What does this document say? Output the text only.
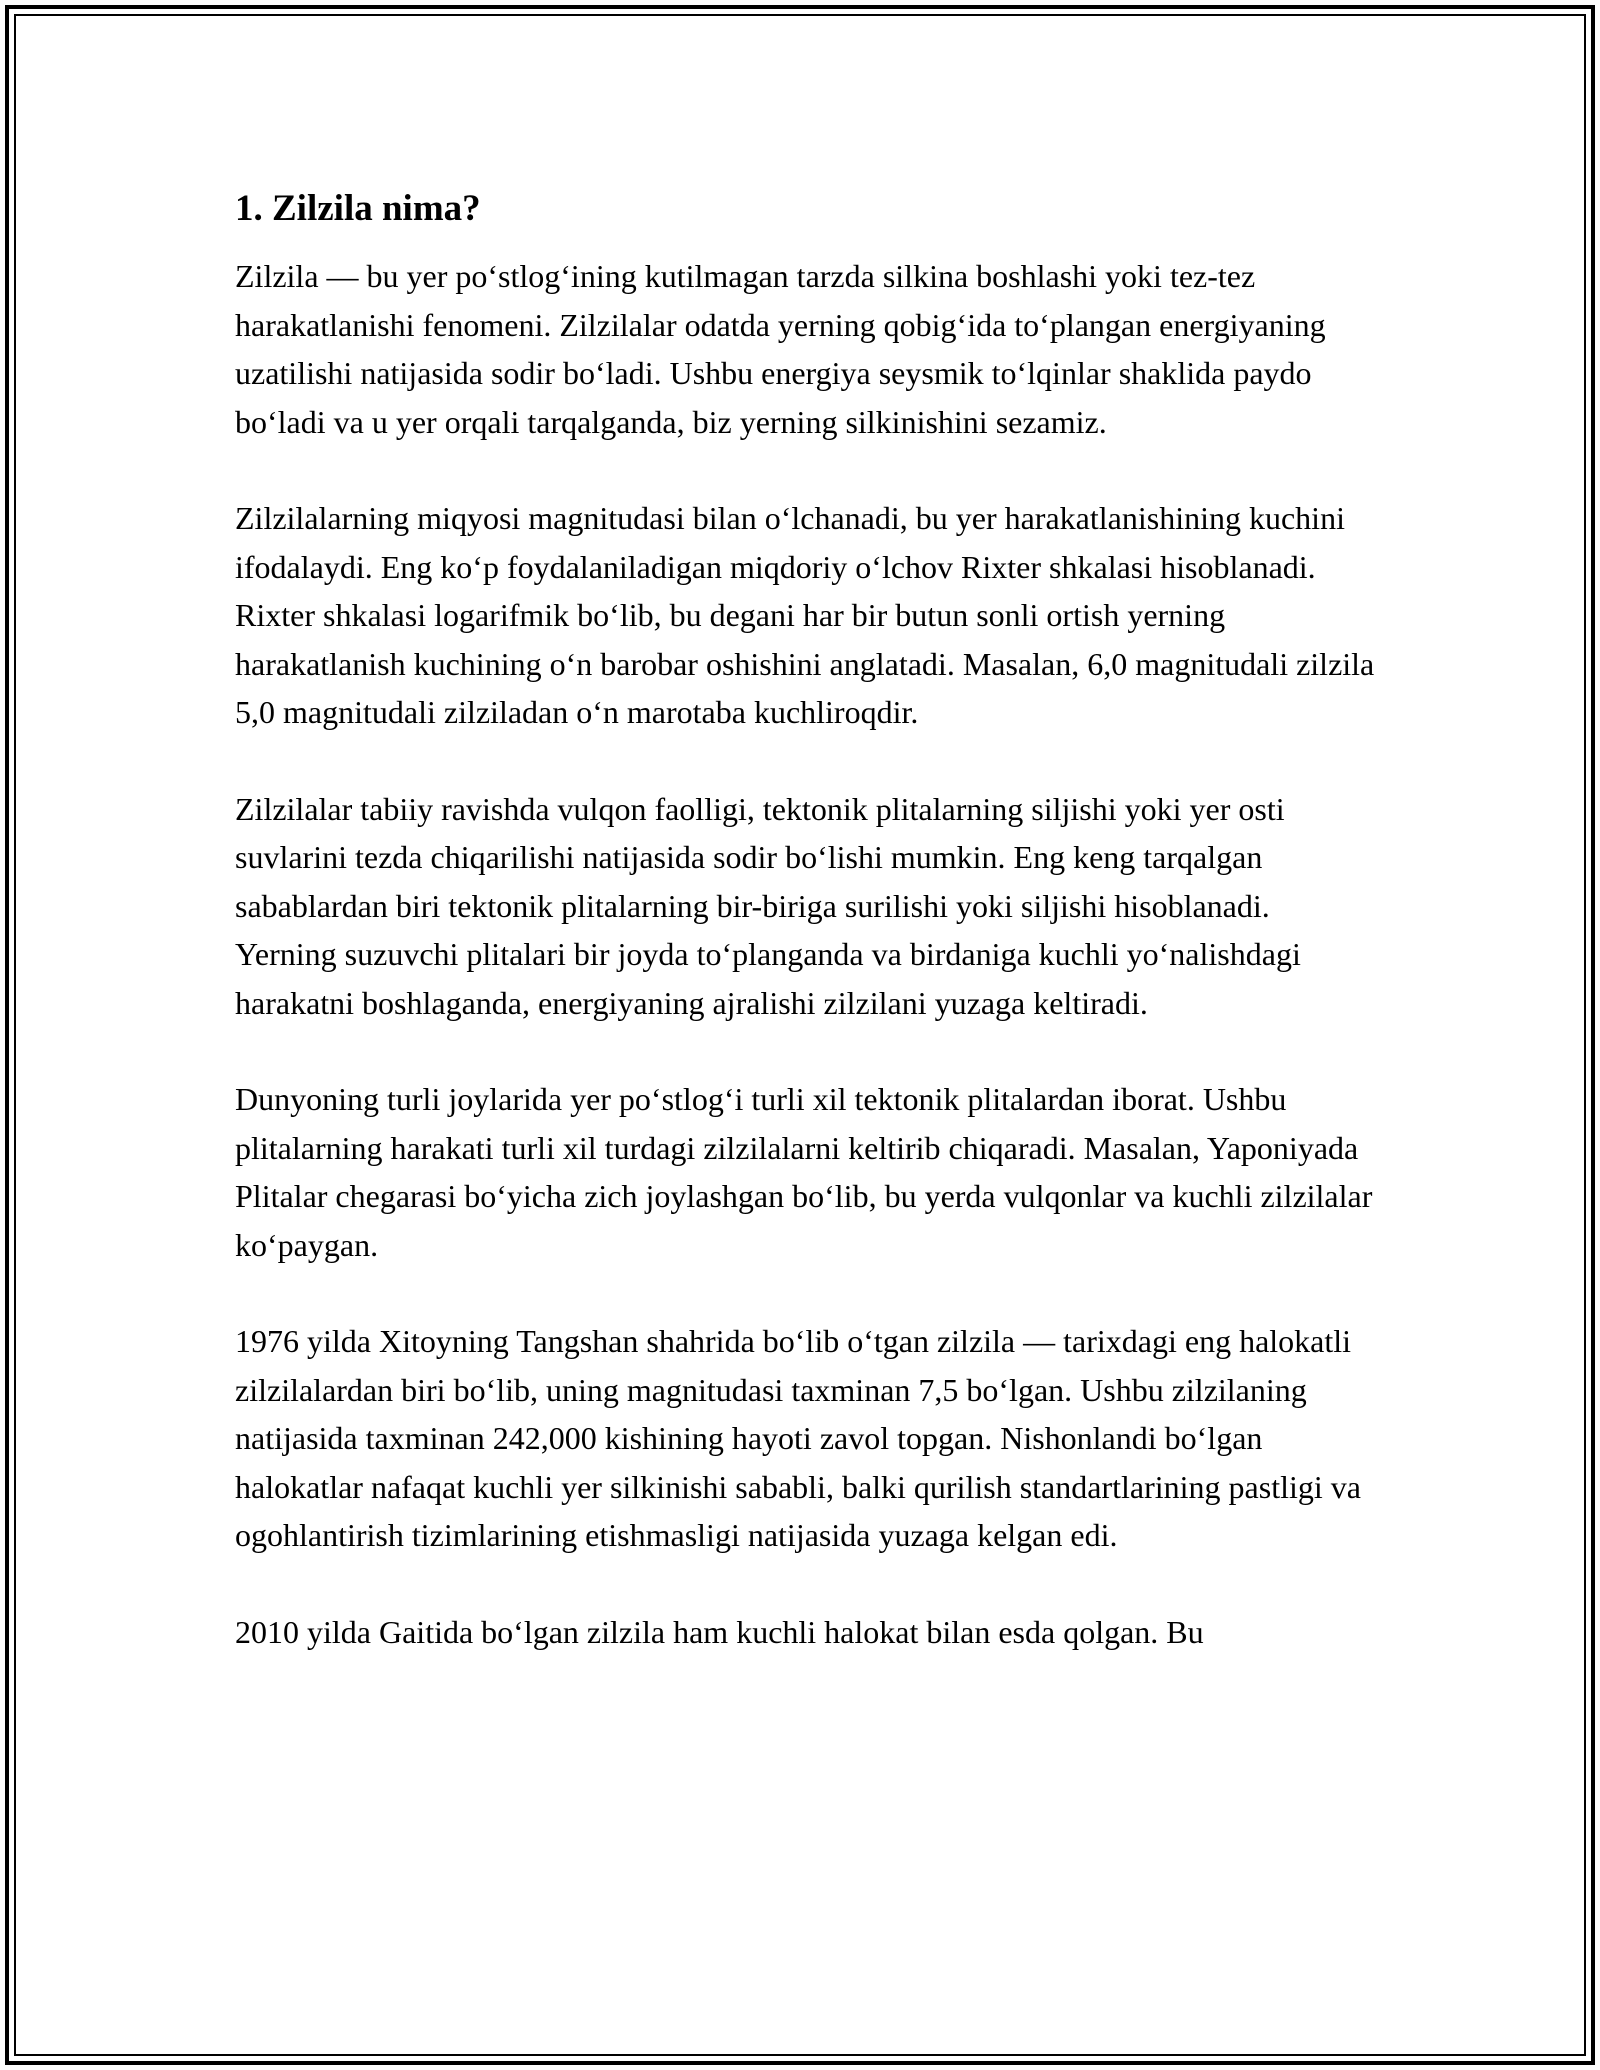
1. Zilzila nima?

Zilzila — bu yer po‘stlog‘ining kutilmagan tarzda silkina boshlashi yoki tez-tez harakatlanishi fenomeni. Zilzilalar odatda yerning qobig‘ida to‘plangan energiyaning uzatilishi natijasida sodir bo‘ladi. Ushbu energiya seysmik to‘lqinlar shaklida paydo bo‘ladi va u yer orqali tarqalganda, biz yerning silkinishini sezamiz.

Zilzilalarning miqyosi magnitudasi bilan o‘lchanadi, bu yer harakatlanishining kuchini ifodalaydi. Eng ko‘p foydalaniladigan miqdoriy o‘lchov Rixter shkalasi hisoblanadi. Rixter shkalasi logarifmik bo‘lib, bu degani har bir butun sonli ortish yerning harakatlanish kuchining o‘n barobar oshishini anglatadi. Masalan, 6,0 magnitudali zilzila 5,0 magnitudali zilziladan o‘n marotaba kuchliroqdir.

Zilzilalar tabiiy ravishda vulqon faolligi, tektonik plitalarning siljishi yoki yer osti suvlarini tezda chiqarilishi natijasida sodir bo‘lishi mumkin. Eng keng tarqalgan sabablardan biri tektonik plitalarning bir-biriga surilishi yoki siljishi hisoblanadi. Yerning suzuvchi plitalari bir joyda to‘planganda va birdaniga kuchli yo‘nalishdagi harakatni boshlaganda, energiyaning ajralishi zilzilani yuzaga keltiradi.

Dunyoning turli joylarida yer po‘stlog‘i turli xil tektonik plitalardan iborat. Ushbu plitalarning harakati turli xil turdagi zilzilalarni keltirib chiqaradi. Masalan, Yaponiyada Plitalar chegarasi bo‘yicha zich joylashgan bo‘lib, bu yerda vulqonlar va kuchli zilzilalar ko‘paygan.

1976 yilda Xitoyning Tangshan shahrida bo‘lib o‘tgan zilzila — tarixdagi eng halokatli zilzilalardan biri bo‘lib, uning magnitudasi taxminan 7,5 bo‘lgan. Ushbu zilzilaning natijasida taxminan 242,000 kishining hayoti zavol topgan. Nishonlandi bo‘lgan halokatlar nafaqat kuchli yer silkinishi sababli, balki qurilish standartlarining pastligi va ogohlantirish tizimlarining etishmasligi natijasida yuzaga kelgan edi.

2010 yilda Gaitida bo‘lgan zilzila ham kuchli halokat bilan esda qolgan. Bu
